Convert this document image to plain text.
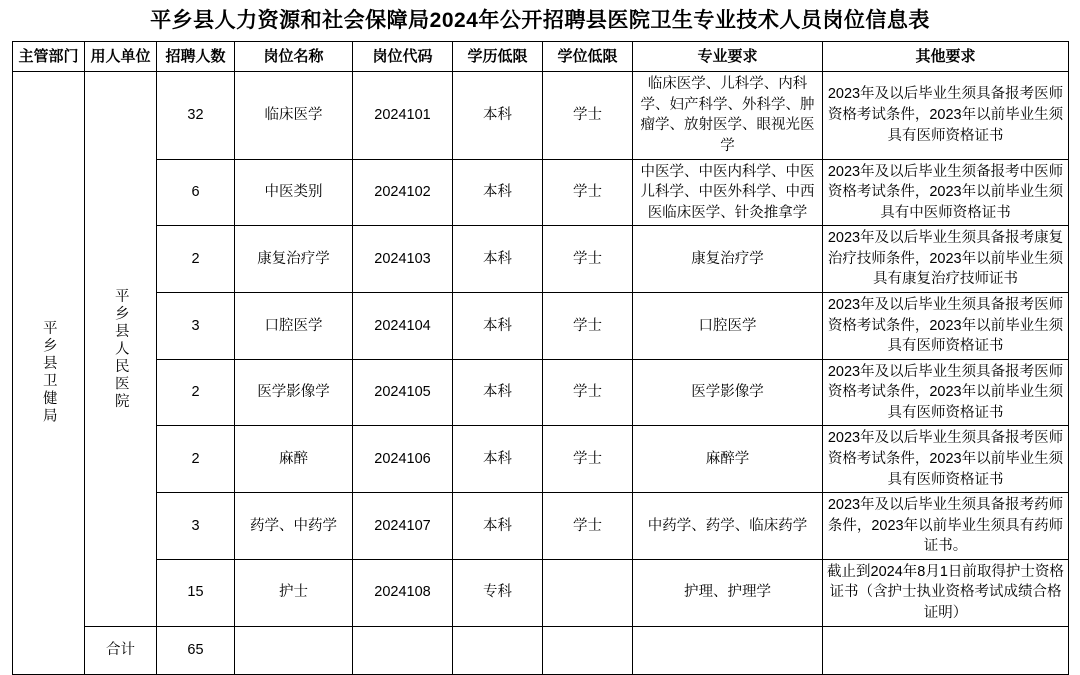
平乡县人力资源和社会保障局2024年公开招聘县医院卫生专业技术人员岗位信息表
主管部门	用人单位	招聘人数	岗位名称	岗位代码	学历低限	学位低限	专业要求	其他要求
平乡县卫健局	平乡县人民医院	32	临床医学	2024101	本科	学士	临床医学、儿科学、内科学、妇产科学、外科学、肿瘤学、放射医学、眼视光医学	2023年及以后毕业生须具备报考医师资格考试条件，2023年以前毕业生须具有医师资格证书
		6	中医类别	2024102	本科	学士	中医学、中医内科学、中医儿科学、中医外科学、中西医临床医学、针灸推拿学	2023年及以后毕业生须备报考中医师资格考试条件，2023年以前毕业生须具有中医师资格证书
		2	康复治疗学	2024103	本科	学士	康复治疗学	2023年及以后毕业生须具备报考康复治疗技师条件，2023年以前毕业生须具有康复治疗技师证书
		3	口腔医学	2024104	本科	学士	口腔医学	2023年及以后毕业生须具备报考医师资格考试条件，2023年以前毕业生须具有医师资格证书
		2	医学影像学	2024105	本科	学士	医学影像学	2023年及以后毕业生须具备报考医师资格考试条件，2023年以前毕业生须具有医师资格证书
		2	麻醉	2024106	本科	学士	麻醉学	2023年及以后毕业生须具备报考医师资格考试条件，2023年以前毕业生须具有医师资格证书
		3	药学、中药学	2024107	本科	学士	中药学、药学、临床药学	2023年及以后毕业生须具备报考药师条件，2023年以前毕业生须具有药师证书。
		15	护士	2024108	专科		护理、护理学	截止到2024年8月1日前取得护士资格证书（含护士执业资格考试成绩合格证明）
	合计	65						
